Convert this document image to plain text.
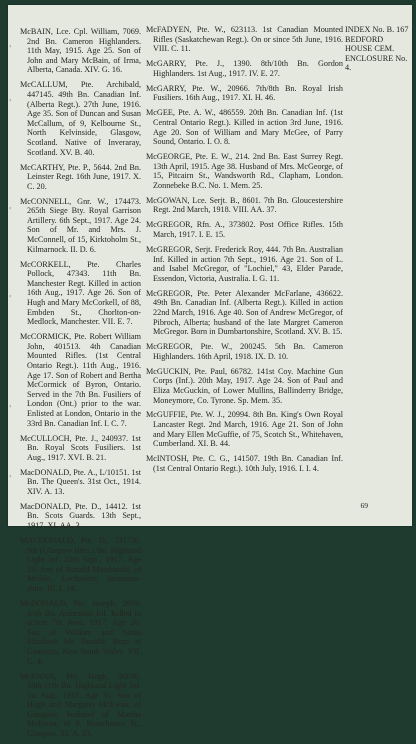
‹
‹
‹
‹
‹
‹

McBAIN, Lce. Cpl. William, 7069. 2nd Bn. Cameron Highlanders. 11th May, 1915. Age 25. Son of John and Mary McBain, of Irma, Alberta, Canada. XIV. G. 16.

McCALLUM, Pte. Archibald, 447145. 49th Bn. Canadian Inf. (Alberta Regt.). 27th June, 1916. Age 35. Son of Duncan and Susan McCallum, of 9, Kelbourne St., North Kelvinside, Glasgow, Scotland. Native of Inveraray, Scotland. XV. B. 40.

McCARTHY, Pte. P., 5644. 2nd Bn. Leinster Regt. 16th June, 1917. X. C. 20.

McCONNELL, Gnr. W., 174473. 265th Siege Bty. Royal Garrison Artillery. 6th Sept., 1917. Age 24. Son of Mr. and Mrs. J. McConnell, of 15, Kirktoholm St., Kilmarnock. II. D. 6.

McCORKELL, Pte. Charles Pollock, 47343. 11th Bn. Manchester Regt. Killed in action 16th Aug., 1917. Age 26. Son of Hugh and Mary McCorkell, of 88, Embden St., Chorlton-on-Medlock, Manchester. VII. E. 7.

McCORMICK, Pte. Robert William John, 401513. 4th Canadian Mounted Rifles. (1st Central Ontario Regt.). 11th Aug., 1916. Age 17. Son of Robert and Bertha McCormick of Byron, Ontario. Served in the 7th Bn. Fusiliers of London (Ont.) prior to the war. Enlisted at London, Ontario in the 33rd Bn. Canadian Inf. I. C. 7.

McCULLOCH, Pte. J., 240937. 1st Bn. Royal Scots Fusiliers. 1st Aug., 1917. XVI. B. 21.

MacDONALD, Pte. A., L/10151. 1st Bn. The Queen's. 31st Oct., 1914. XIV. A. 13.

MacDONALD, Pte. D., 14412. 1st Bn. Scots Guards. 13th Sept., 1917. XI. AA. 3.

MACDONALD, Pte. D., 331736. 9th (Glasgow Hdrs.) Bn. Highland Light Inf. 25th Sept., 1917. Age 23. Son of Ronald Macdonald, of Meible, Lochailort, Inverness-shire. III. I. 14.

McDONALD, Pte. Joseph, 2959. 45th Bn. Australian Inf. Killed in action 7th June, 1917. Age 26. Son of William and Sarah Elizabeth Mc Donald. Born at Ganmain, New South Wales. VII. G. 4.

McEWAN, Pte. Hugh, 30036. 10th/11th Bn. Highland Light Inf. 1st Aug., 1917. Age 35. Son of Hugh and Margaret McEwan, of Glasgow; husband of Martha McEwan, of 8, Rowchester St., Glasgow. XI. A. 23.

McFADYEN, Pte. W., 623113. 1st Canadian Mounted Rifles (Saskatchewan Regt.). On or since 5th June, 1916. VIII. C. 11.

McGARRY, Pte. J., 1390. 8th/10th Bn. Gordon Highlanders. 1st Aug., 1917. IV. E. 27.

McGARRY, Pte. W., 20966. 7th/8th Bn. Royal Irish Fusiliers. 16th Aug., 1917. XI. H. 46.

McGEE, Pte. A. W., 486559. 20th Bn. Canadian Inf. (1st Central Ontario Regt.). Killed in action 3rd June, 1916. Age 20. Son of William and Mary McGee, of Parry Sound, Ontario. I. O. 8.

McGEORGE, Pte. E. W., 214. 2nd Bn. East Surrey Regt. 13th April, 1915. Age 38. Husband of Mrs. McGeorge, of 15, Pitcairn St., Wandsworth Rd., Clapham, London. Zonnebeke B.C. No. 1. Mem. 25.

McGOWAN, Lce. Serjt. B., 8601. 7th Bn. Gloucestershire Regt. 2nd March, 1918. VIII. AA. 37.

McGREGOR, Rfn. A., 373802. Post Office Rifles. 15th March, 1917. I. E. 15.

McGREGOR, Serjt. Frederick Roy, 444. 7th Bn. Australian Inf. Killed in action 7th Sept., 1916. Age 21. Son of L. and Isabel McGregor, of "Lochiel," 43, Elder Parade, Essendon, Victoria, Australia. I. G. 11.

McGREGOR, Pte. Peter Alexander McFarlane, 436622. 49th Bn. Canadian Inf. (Alberta Regt.). Killed in action 22nd March, 1916. Age 40. Son of Andrew McGregor, of Pibroch, Alberta; husband of the late Margret Cameron McGregor. Born in Dumbartonshire, Scotland. XV. B. 15.

McGREGOR, Pte. W., 200245. 5th Bn. Cameron Highlanders. 16th April, 1918. IX. D. 10.

McGUCKIN, Pte. Paul, 66782. 141st Coy. Machine Gun Corps (Inf.). 20th May, 1917. Age 24. Son of Paul and Eliza McGuckin, of Lower Mullins, Ballinderry Bridge, Moneymore, Co. Tyrone. Sp. Mem. 35.

McGUFFIE, Pte. W. J., 20994. 8th Bn. King's Own Royal Lancaster Regt. 2nd March, 1916. Age 21. Son of John and Mary Ellen McGuffie, of 75, Scotch St., Whitehaven, Cumberland. XI. B. 44.

McINTOSH, Pte. C. G., 141507. 19th Bn. Canadian Inf. (1st Central Ontario Regt.). 10th July, 1916. I. I. 4.

INDEX No. B. 167 BEDFORD HOUSE CEM. ENCLOSURE No. 4.
69
